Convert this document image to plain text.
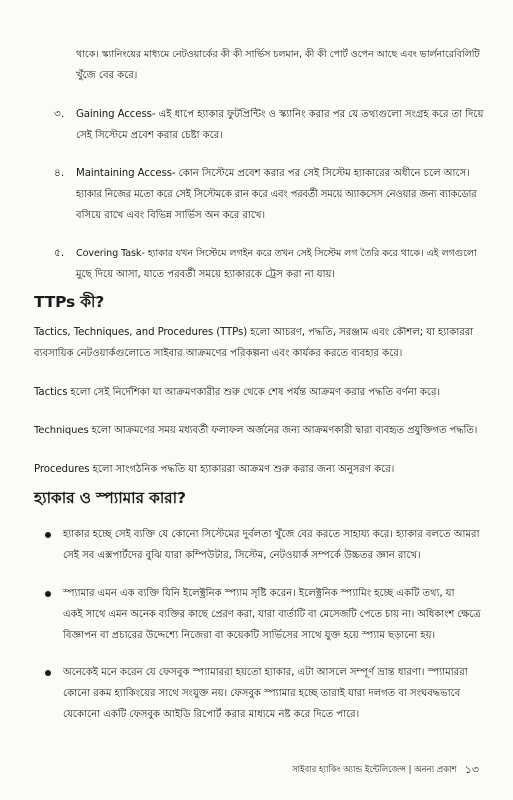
থাকে। স্ক্যানিংয়ের মাধ্যমে নেটওয়ার্কের কী কী সার্ভিস চলমান, কী কী পোর্ট ওপেন আছে এবং ভার্লনারেবিলিটি

খুঁজে বের করে।

৩. Gaining Access- এই ধাপে হ্যাকার ফুটপ্রিন্টিং ও স্ক্যানিং করার পর যে তথ্যগুলো সংগ্রহ করে তা দিয়ে

সেই সিস্টেমে প্রবেশ করার চেষ্টা করে।

৪. Maintaining Access- কোন সিস্টেমে প্রবেশ করার পর সেই সিস্টেম হ্যাকারের অধীনে চলে আসে।

হ্যাকার নিজের মতো করে সেই সিস্টেমকে রান করে এবং পরবর্তী সময়ে অ্যাকসেস নেওয়ার জন্য ব্যাকডোর

বসিয়ে রাখে এবং বিভিন্ন সার্ভিস অন করে রাখে।

৫. Covering Task- হ্যাকার যখন সিস্টেমে লগইন করে তখন সেই সিস্টেম লগ তৈরি করে থাকে। এই লগগুলো

মুছে দিয়ে আসা, যাতে পরবর্তী সময়ে হ্যাকারকে ট্রেস করা না যায়।

TTPs কী?

Tactics, Techniques, and Procedures (TTPs) হলো আচরণ, পদ্ধতি, সরঞ্জাম এবং কৌশল; যা হ্যাকাররা

ব্যবসায়িক নেটওয়ার্কগুলোতে সাইবার আক্রমণের পরিকল্পনা এবং কার্যকর করতে ব্যবহার করে।

Tactics হলো সেই নির্দেশিকা যা আক্রমণকারীর শুরু থেকে শেষ পর্যন্ত আক্রমণ করার পদ্ধতি বর্ণনা করে।

Techniques হলো আক্রমণের সময় মধ্যবর্তী ফলাফল অর্জনের জন্য আক্রমণকারী দ্বারা ব্যবহৃত প্রযুক্তিগত পদ্ধতি।

Procedures হলো সাংগঠনিক পদ্ধতি যা হ্যাকাররা আক্রমণ শুরু করার জন্য অনুসরণ করে।

হ্যাকার ও স্প্যামার কারা?

হ্যাকার হচ্ছে সেই ব্যক্তি যে কোনো সিস্টেমের দুর্বলতা খুঁজে বের করতে সাহায্য করে। হ্যাকার বলতে আমরা

সেই সব এক্সপার্টদের বুঝি যারা কম্পিউটার, সিস্টেম, নেটওয়ার্ক সম্পর্কে উচ্চতর জ্ঞান রাখে।

স্প্যামার এমন এক ব্যক্তি যিনি ইলেক্ট্রনিক স্প্যাম সৃষ্টি করেন। ইলেক্ট্রনিক স্প্যামিং হচ্ছে একটি তথ্য, যা

একই সাথে এমন অনেক ব্যক্তির কাছে প্রেরণ করা, যারা বার্তাটি বা মেসেজটি পেতে চায় না। অধিকাংশ ক্ষেত্রে

বিজ্ঞাপন বা প্রচারের উদ্দেশ্যে নিজেরা বা কয়েকটি সার্ভিসের সাথে যুক্ত হয়ে স্প্যাম ছড়ানো হয়।

অনেকেই মনে করেন যে ফেসবুক স্প্যামাররা হয়তো হ্যাকার, এটা আসলে সম্পূর্ণ ভ্রান্ত ধারণা। স্প্যামাররা

কোনো রকম হ্যাকিংয়ের সাথে সংযুক্ত নয়। ফেসবুক স্প্যামার হচ্ছে তারাই যারা দলগত বা সংঘবদ্ধভাবে

যেকোনো একটি ফেসবুক আইডি রিপোর্ট করার মাধ্যমে নষ্ট করে দিতে পারে।

সাইবার হ্যাকিং অ্যান্ড ইন্টেলিজেন্স | অনন্য প্রকাশ ১৩
